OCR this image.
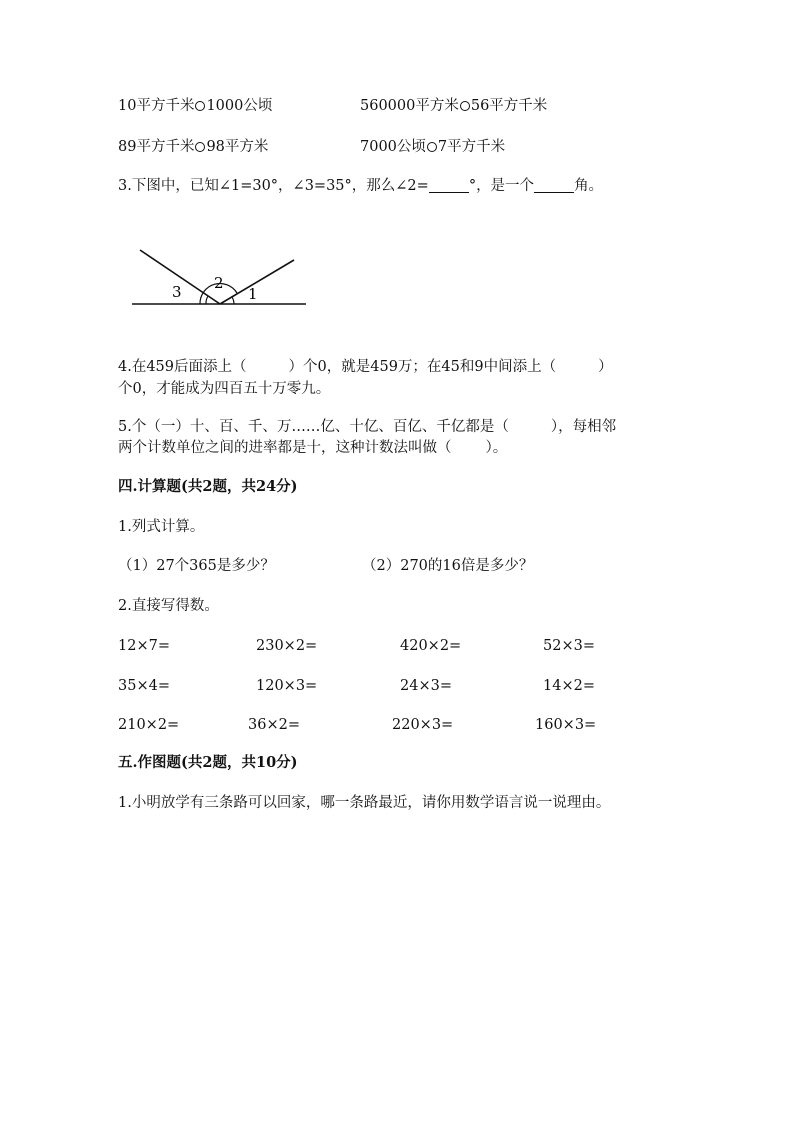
10平方千米 1000公顷	560000平方米 56平方千米
89平方千米 98平方米	7000公顷 7平方千米
3.下图中，已知∠1=30°，∠3=35°，那么∠2=	°，是一个	角。
3 2
1
4.在459后面添上（	）个0，就是459万；在45和9中间添上（	）
个0，才能成为四百五十万零九。
5.个（一）十、百、千、万……亿、十亿、百亿、千亿都是（	），每相邻
两个计数单位之间的进率都是十，这种计数法叫做（ ）。
四.计算题(共2题，共24分)
1.列式计算。
（1）27个365是多少？	（2）270的16倍是多少？
2.直接写得数。
12×7=	230×2=	420×2=	52×3=
35×4=	120×3=	24×3=	14×2=
210×2=	36×2=	220×3=	160×3=
五.作图题(共2题，共10分)
1.小明放学有三条路可以回家，哪一条路最近，请你用数学语言说一说理由。
